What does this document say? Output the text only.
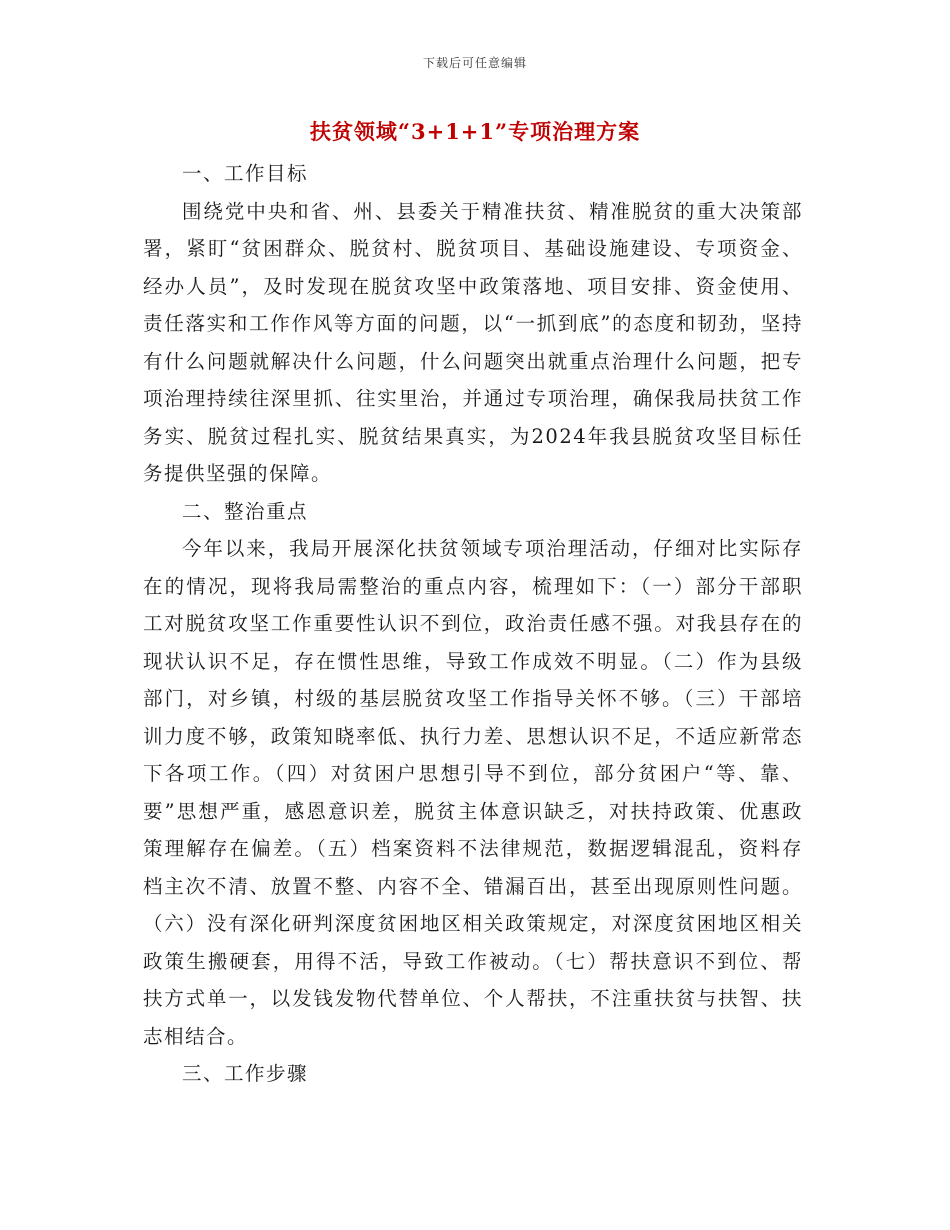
下载后可任意编辑
扶贫领域“3+1+1”专项治理方案

一、工作目标

围绕党中央和省、州、县委关于精准扶贫、精准脱贫的重大决策部署，紧盯“贫困群众、脱贫村、脱贫项目、基础设施建设、专项资金、经办人员”，及时发现在脱贫攻坚中政策落地、项目安排、资金使用、责任落实和工作作风等方面的问题，以“一抓到底”的态度和韧劲，坚持有什么问题就解决什么问题，什么问题突出就重点治理什么问题，把专项治理持续往深里抓、往实里治，并通过专项治理，确保我局扶贫工作务实、脱贫过程扎实、脱贫结果真实，为2024年我县脱贫攻坚目标任务提供坚强的保障。

二、整治重点

今年以来，我局开展深化扶贫领域专项治理活动，仔细对比实际存在的情况，现将我局需整治的重点内容，梳理如下：（一）部分干部职工对脱贫攻坚工作重要性认识不到位，政治责任感不强。对我县存在的现状认识不足，存在惯性思维，导致工作成效不明显。（二）作为县级部门，对乡镇，村级的基层脱贫攻坚工作指导关怀不够。（三）干部培训力度不够，政策知晓率低、执行力差、思想认识不足，不适应新常态下各项工作。（四）对贫困户思想引导不到位，部分贫困户“等、靠、要”思想严重，感恩意识差，脱贫主体意识缺乏，对扶持政策、优惠政策理解存在偏差。（五）档案资料不法律规范，数据逻辑混乱，资料存档主次不清、放置不整、内容不全、错漏百出，甚至出现原则性问题。（六）没有深化研判深度贫困地区相关政策规定，对深度贫困地区相关政策生搬硬套，用得不活，导致工作被动。（七）帮扶意识不到位、帮扶方式单一，以发钱发物代替单位、个人帮扶，不注重扶贫与扶智、扶志相结合。

三、工作步骤
